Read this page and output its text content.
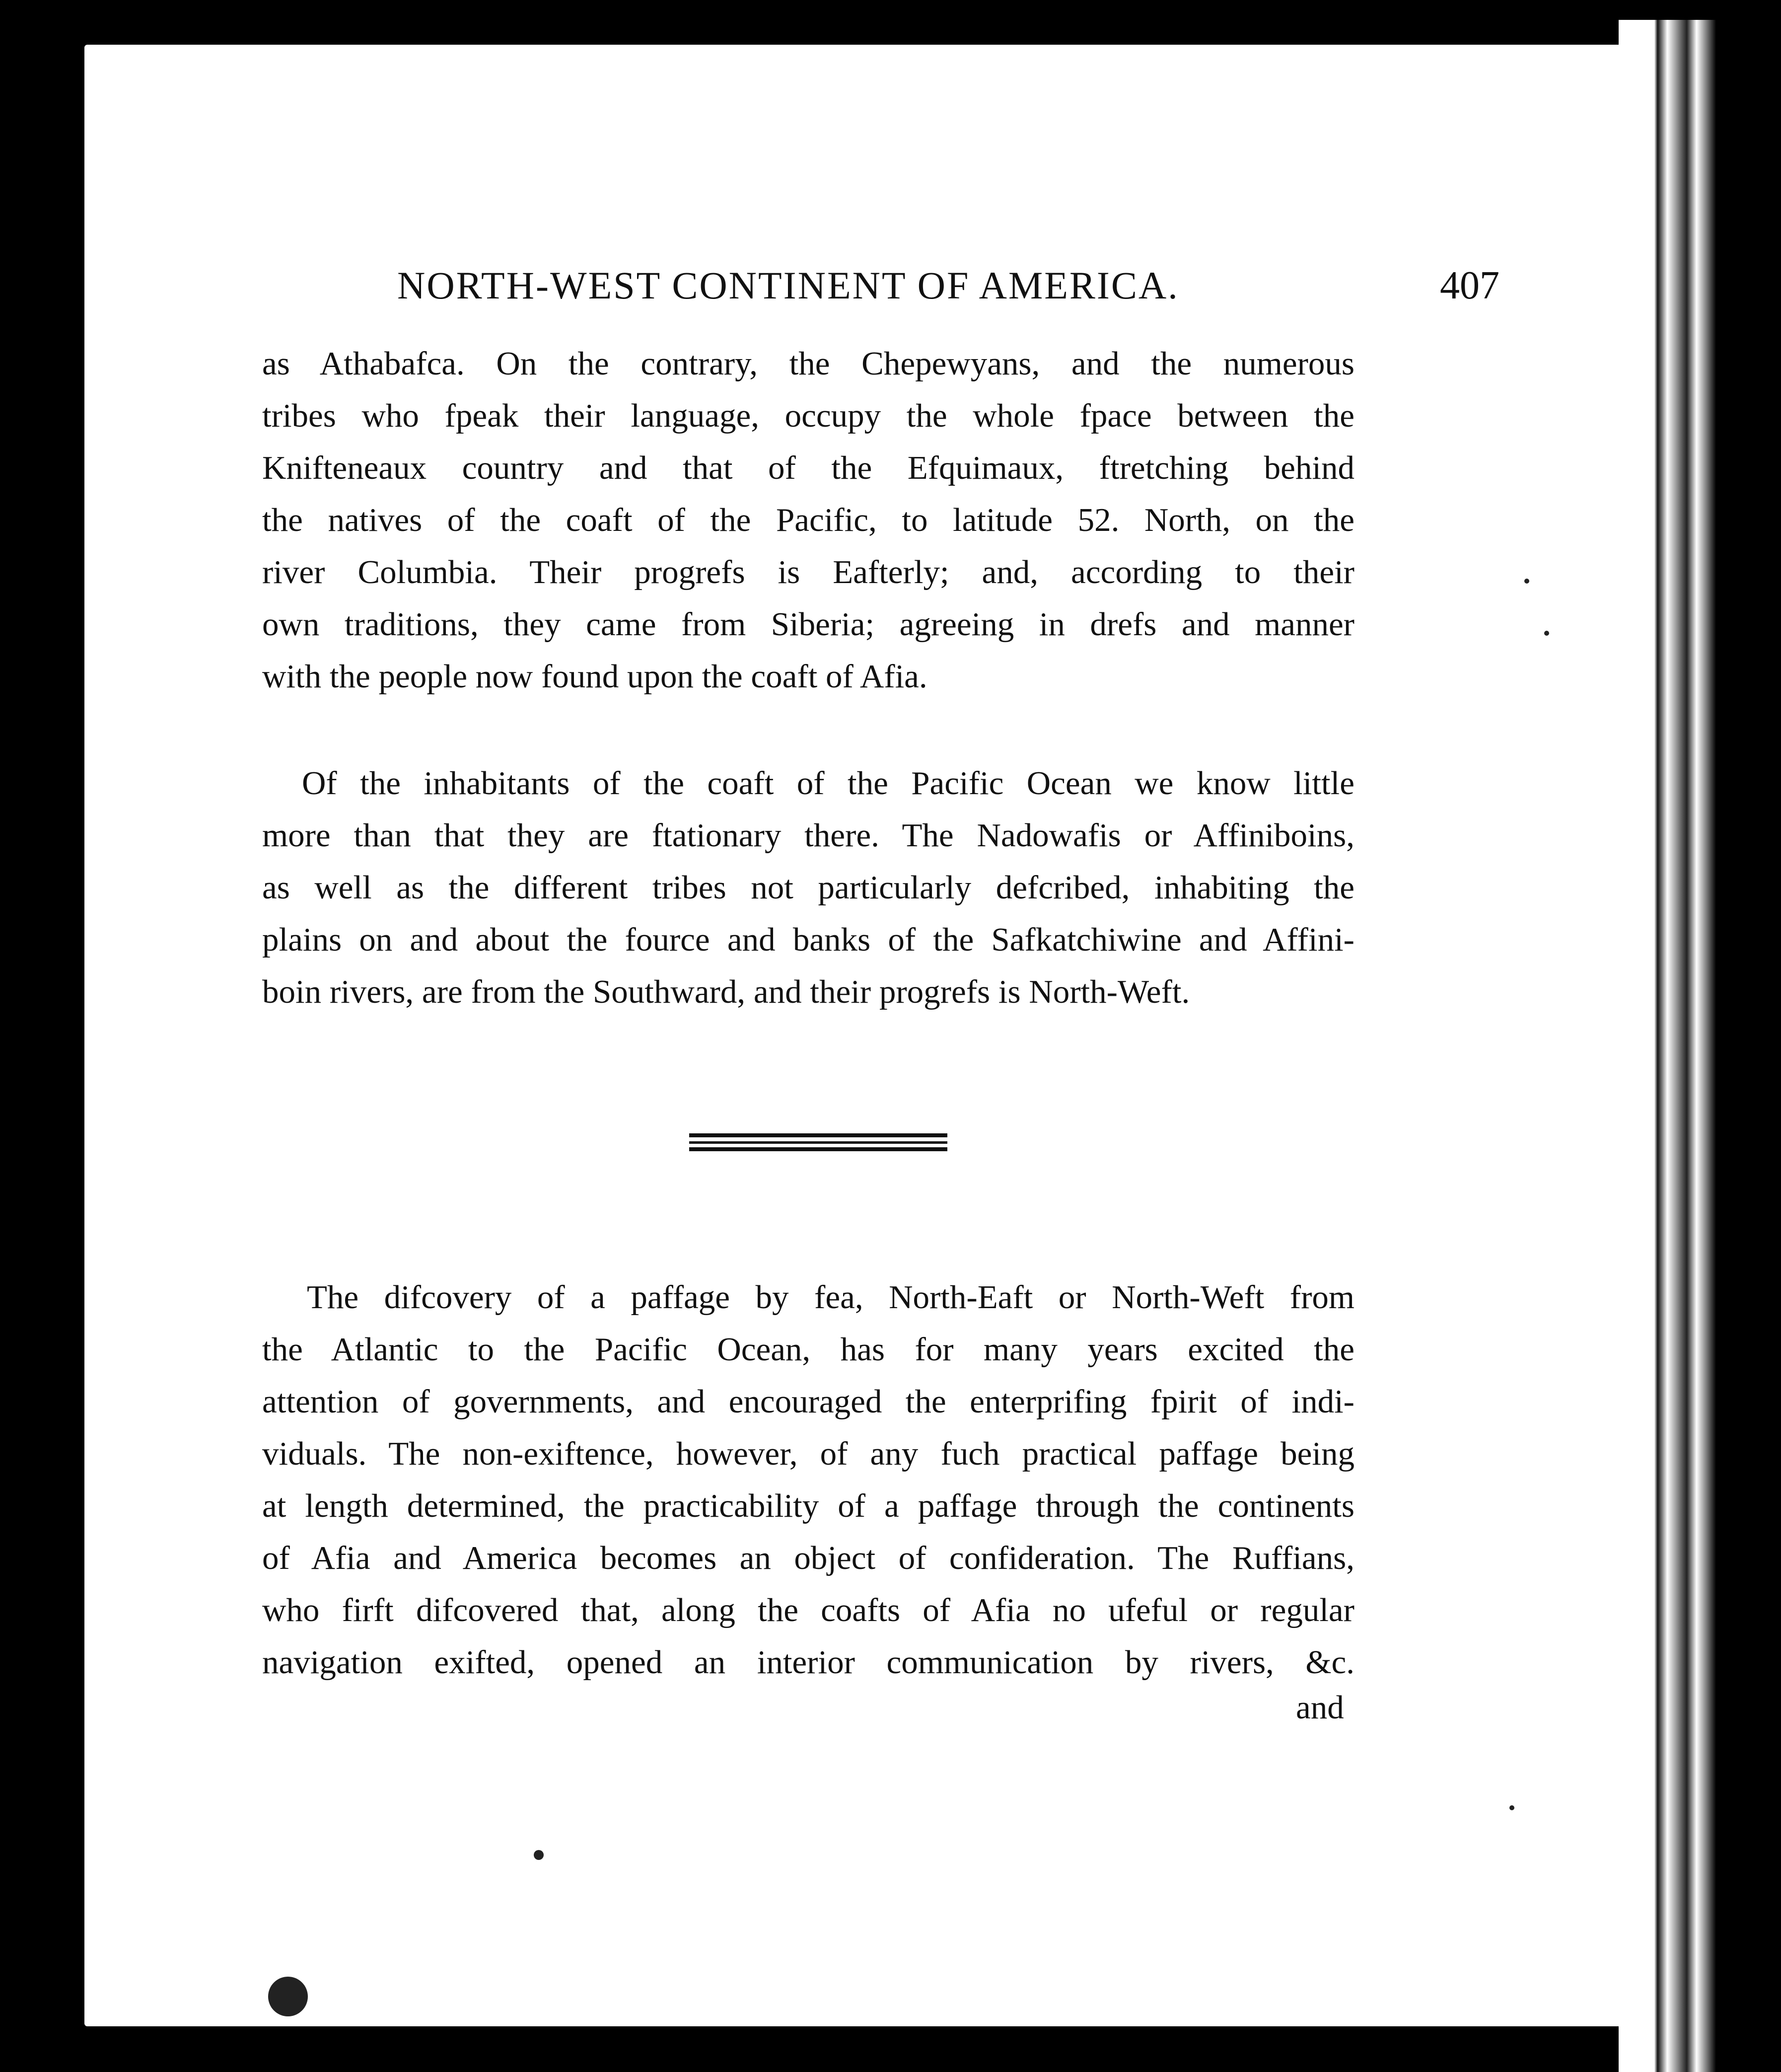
NORTH-WEST CONTINENT OF AMERICA.	407
as Athabafca. On the contrary, the Chepewyans, and the numerous
tribes who fpeak their language, occupy the whole fpace between the
Knifteneaux country and that of the Efquimaux, ftretching behind
the natives of the coaft of the Pacific, to latitude 52. North, on the
river Columbia. Their progrefs is Eafterly; and, according to their
own traditions, they came from Siberia; agreeing in drefs and manner
with the people now found upon the coaft of Afia.
Of the inhabitants of the coaft of the Pacific Ocean we know little
more than that they are ftationary there. The Nadowafis or Affiniboins,
as well as the different tribes not particularly defcribed, inhabiting the
plains on and about the fource and banks of the Safkatchiwine and Affini-
boin rivers, are from the Southward, and their progrefs is North-Weft.
The difcovery of a paffage by fea, North-Eaft or North-Weft from
the Atlantic to the Pacific Ocean, has for many years excited the
attention of governments, and encouraged the enterprifing fpirit of indi-
viduals. The non-exiftence, however, of any fuch practical paffage being
at length determined, the practicability of a paffage through the continents
of Afia and America becomes an object of confideration. The Ruffians,
who firft difcovered that, along the coafts of Afia no ufeful or regular
navigation exifted, opened an interior communication by rivers, &c.
and
